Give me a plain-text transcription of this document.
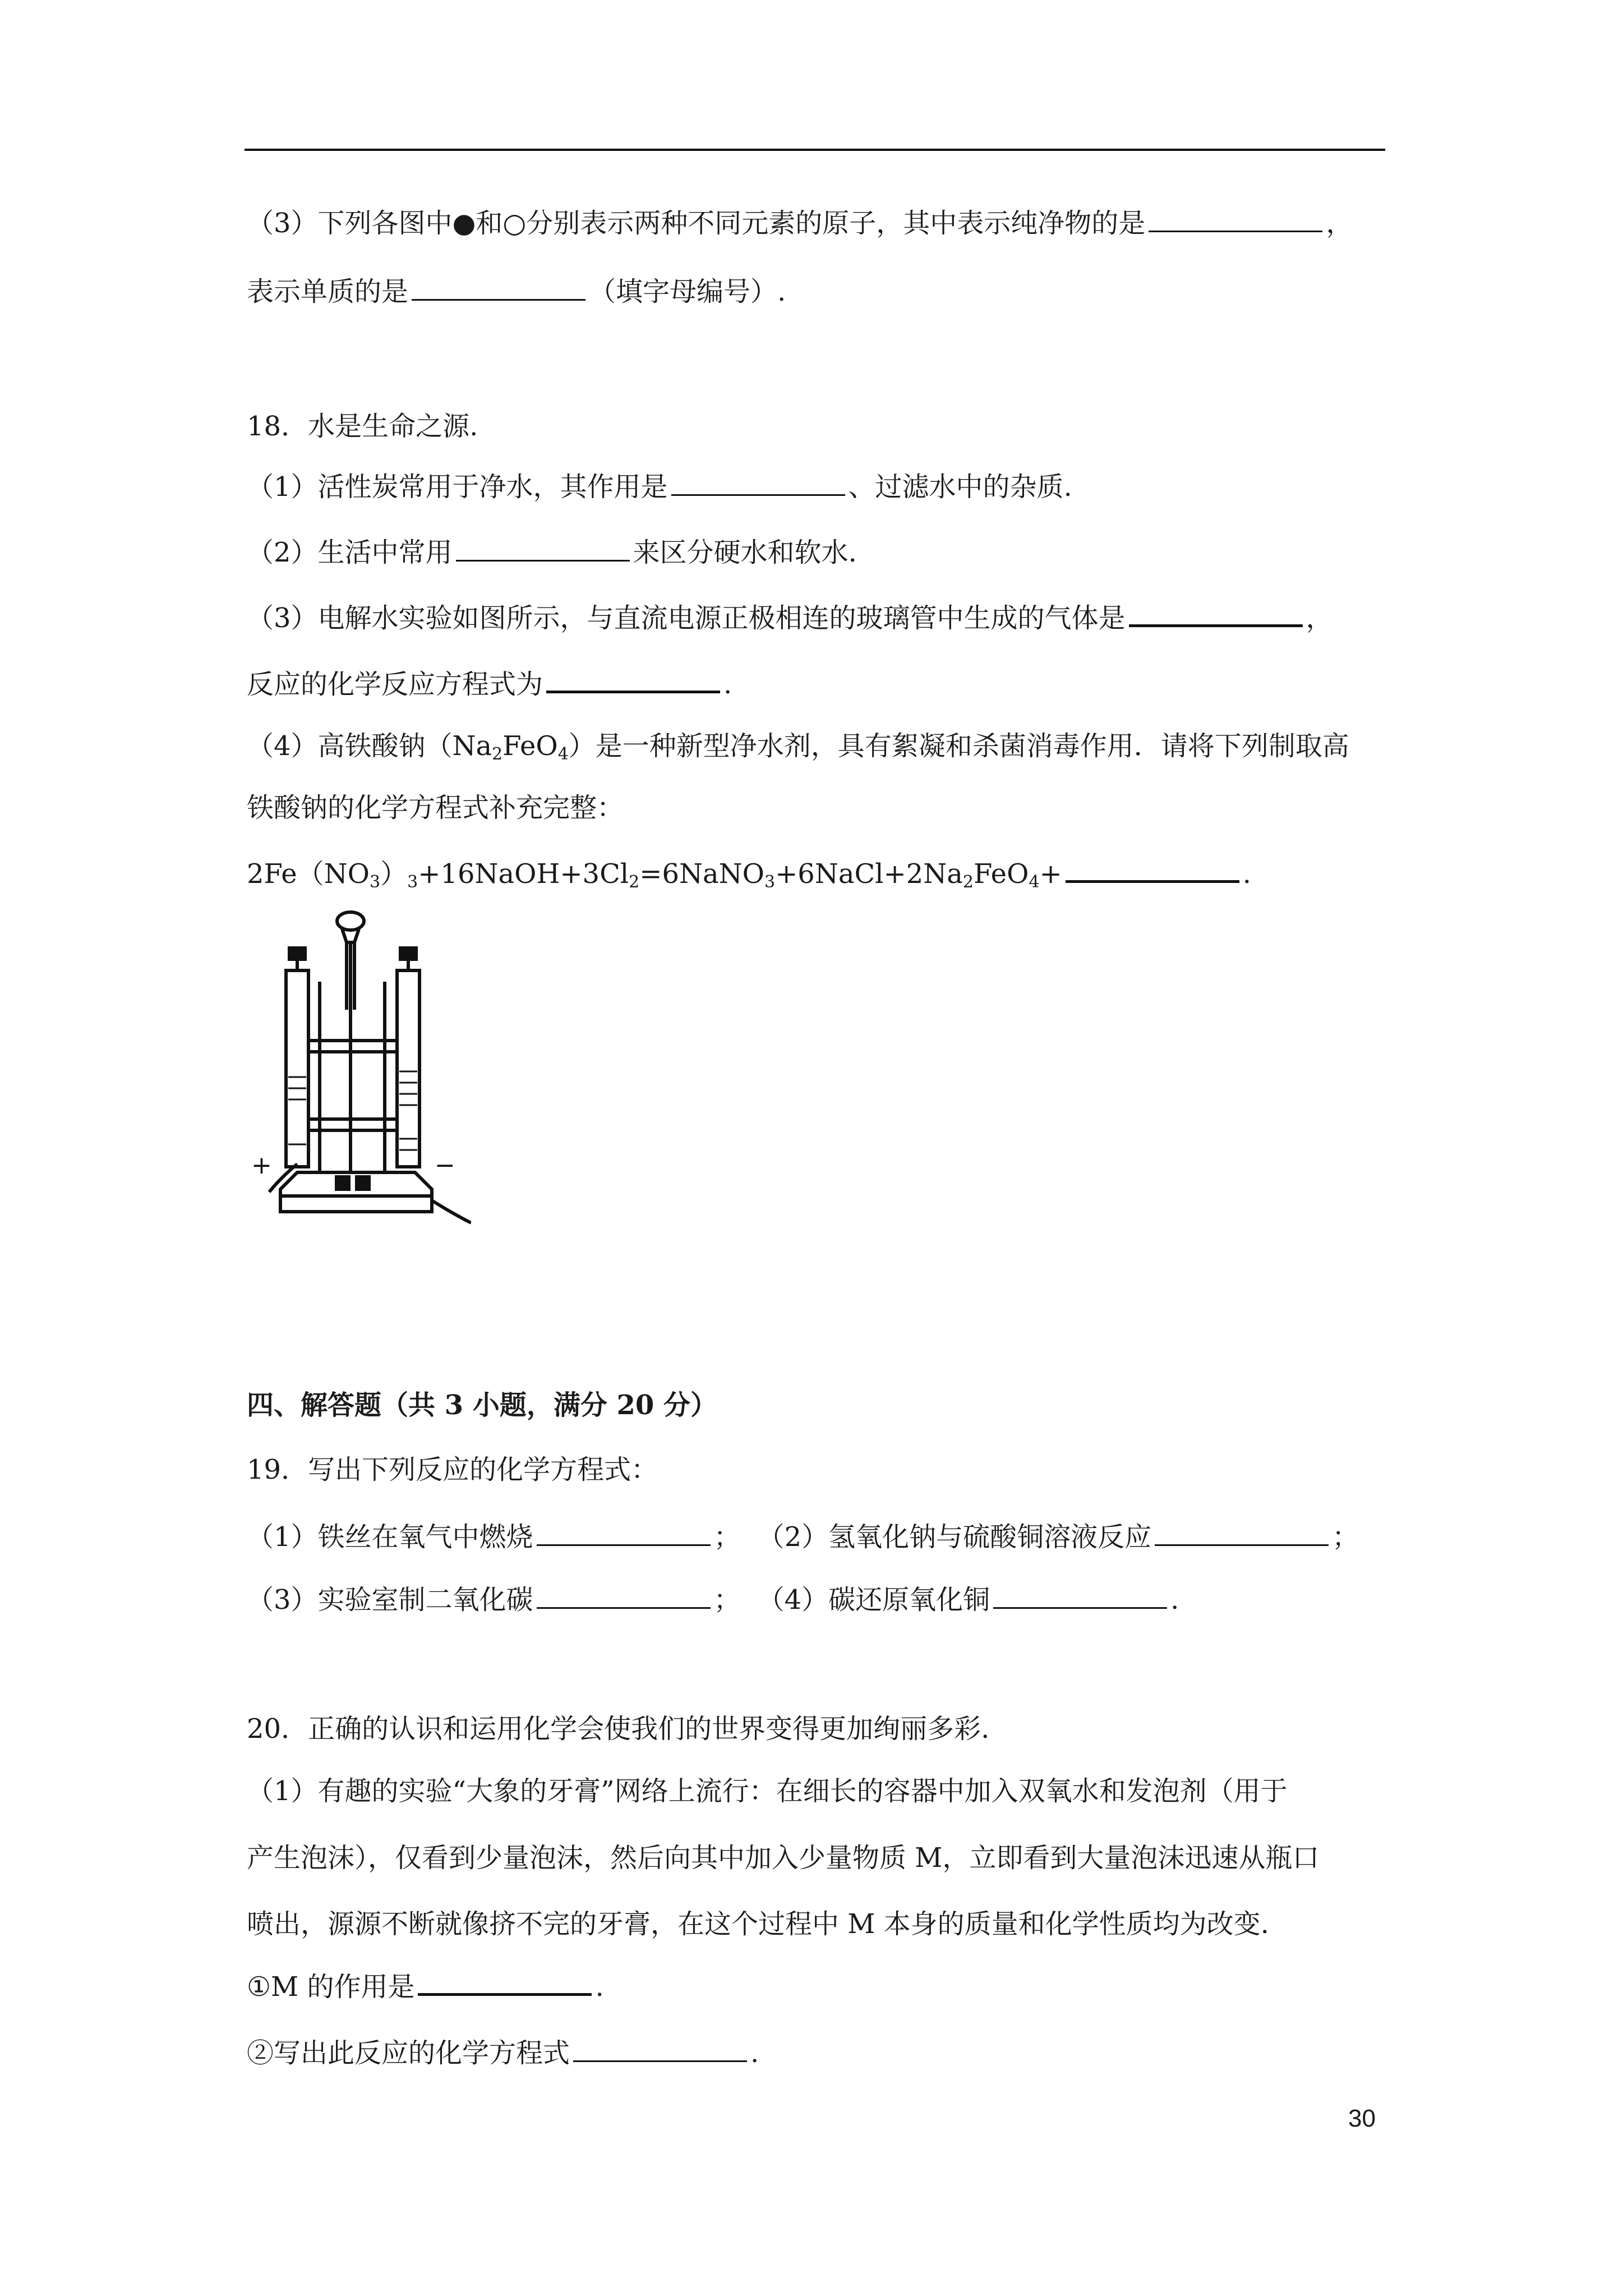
（3）下列各图中●和○分别表示两种不同元素的原子，其中表示纯净物的是	，
表示单质的是	（填字母编号）.
18．水是生命之源.
（1）活性炭常用于净水，其作用是	、过滤水中的杂质.
（2）生活中常用	来区分硬水和软水.
（3）电解水实验如图所示，与直流电源正极相连的玻璃管中生成的气体是	，
反应的化学反应方程式为	.
（4）高铁酸钠$(Na_2FeO_4)$是一种新型净水剂，具有絮凝和杀菌消毒作用．请将下列制取高
铁酸钠的化学方程式补充完整：
$2Fe(NO_3)_3+16NaOH+3Cl_2=6NaNO_3+6NaCl+2Na_2FeO_4+$	.
+	−
四、解答题（共 3 小题，满分 20 分）
19．写出下列反应的化学方程式：
（1）铁丝在氧气中燃烧	； （2）氢氧化钠与硫酸铜溶液反应	；
（3）实验室制二氧化碳	； （4）碳还原氧化铜	.
20．正确的认识和运用化学会使我们的世界变得更加绚丽多彩.
（1）有趣的实验“大象的牙膏”网络上流行：在细长的容器中加入双氧水和发泡剂（用于
产生泡沫），仅看到少量泡沫，然后向其中加入少量物质 M，立即看到大量泡沫迅速从瓶口
喷出，源源不断就像挤不完的牙膏，在这个过程中 M 本身的质量和化学性质均为改变.
①M 的作用是	.
②写出此反应的化学方程式	.
30
